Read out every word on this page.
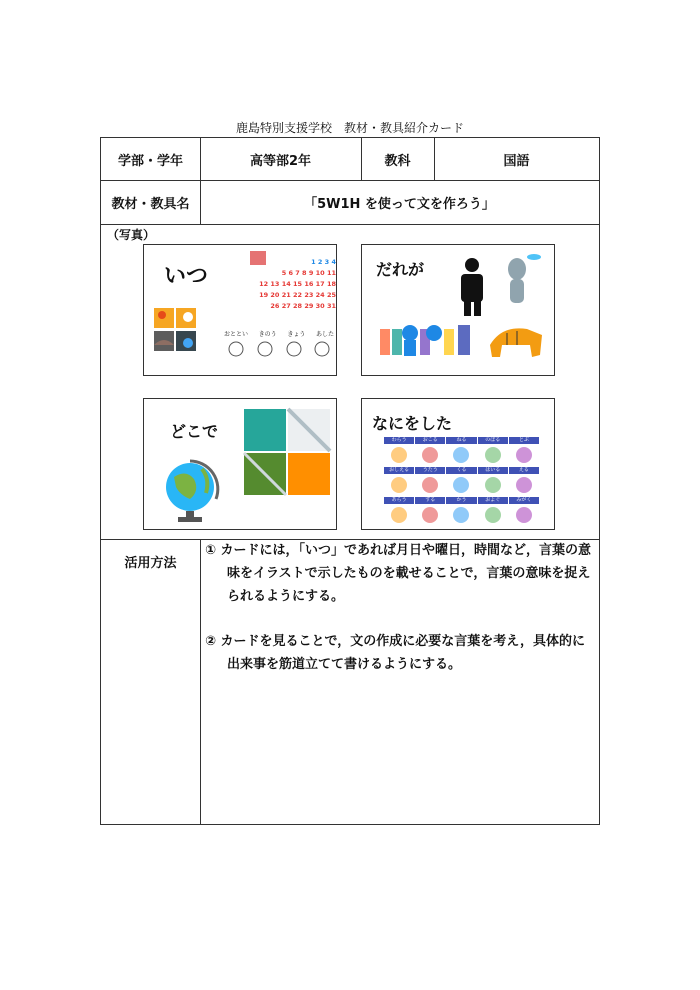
鹿島特別支援学校　教材・教具紹介カード
学部・学年	高等部2年	教科	国語
教材・教具名	「5W1H を使って文を作ろう」
（写真）
いつ
1 2 3 4
5 6 7 8 9 10 11
12 13 14 15 16 17 18
19 20 21 22 23 24 25
26 27 28 29 30 31
おととい きのう きょう あした
だれが
どこで	なにをした
わらう	おこる	ねる	のぼる	とぶ
おしえる	うたう	くる	はいる	える
あらう	する	かう	およぐ	みがく
活用方法

① カードには，「いつ」であれば月日や曜日，時間など，言葉の意味をイラストで示したものを載せることで，言葉の意味を捉えられるようにする。

② カードを見ることで，文の作成に必要な言葉を考え，具体的に出来事を筋道立てて書けるようにする。
